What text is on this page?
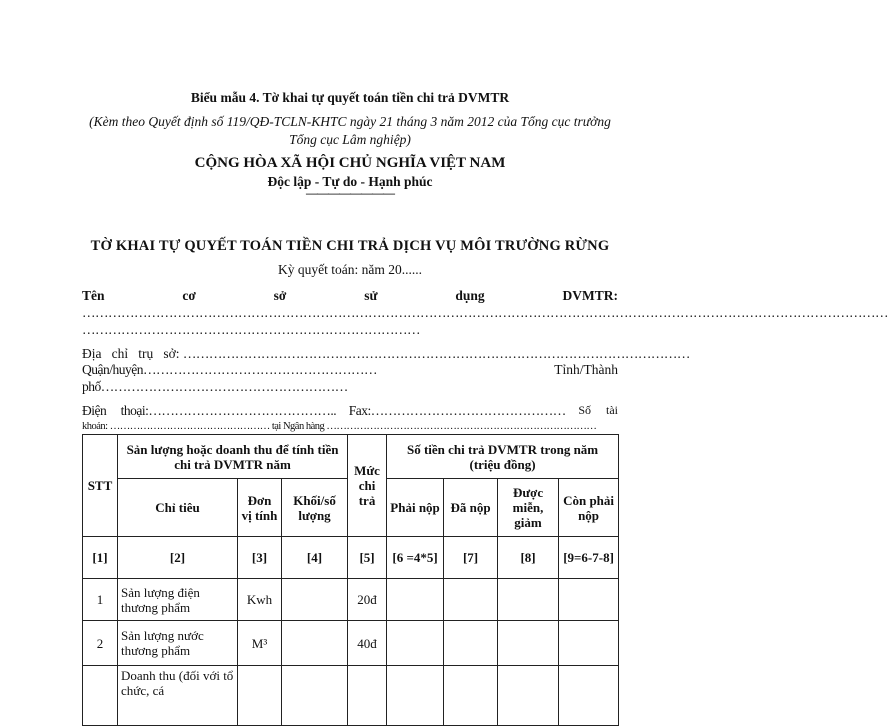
Biểu mẫu 4. Tờ khai tự quyết toán tiền chi trả DVMTR
(Kèm theo Quyết định số 119/QĐ-TCLN-KHTC ngày 21 tháng 3 năm 2012 của Tổng cục trưởng Tổng cục Lâm nghiệp)
CỘNG HÒA XÃ HỘI CHỦ NGHĨA VIỆT NAM
Độc lập - Tự do - Hạnh phúc
————————
TỜ KHAI TỰ QUYẾT TOÁN TIỀN CHI TRẢ DỊCH VỤ MÔI TRƯỜNG RỪNG
Kỳ quyết toán: năm 20......
Tên	cơ	sở	sử	dụng	DVMTR:
……………………………………………………………………………………………………………………………………………………………………
……………………………………………………………………
Địa   chỉ   trụ   sở: ………………………………………………………………………………………………………
Quận/huyện………………………………………………	Tỉnh/Thành
phố…………………………………………………
Điện     thoại:…………………………………….. Fax:……………………………………… Số     tài
khoản: ………………………………………… tại Ngân hàng ………………………………………………………………………
STT	Sản lượng hoặc doanh thu để tính tiền chi trả DVMTR năm			Mức chi trả	Số tiền chi trả DVMTR trong năm (triệu đồng)			
	Chỉ tiêu	Đơn vị tính	Khối/số lượng		Phải nộp	Đã nộp	Được miễn, giảm	Còn phải nộp
[1]	[2]	[3]	[4]	[5]	[6 =4*5]	[7]	[8]	[9=6-7-8]
1	Sản lượng điện thương phẩm	Kwh		20đ				
2	Sản lượng nước thương phẩm	M³		40đ				
	Doanh thu (đối với tổ chức, cá							
